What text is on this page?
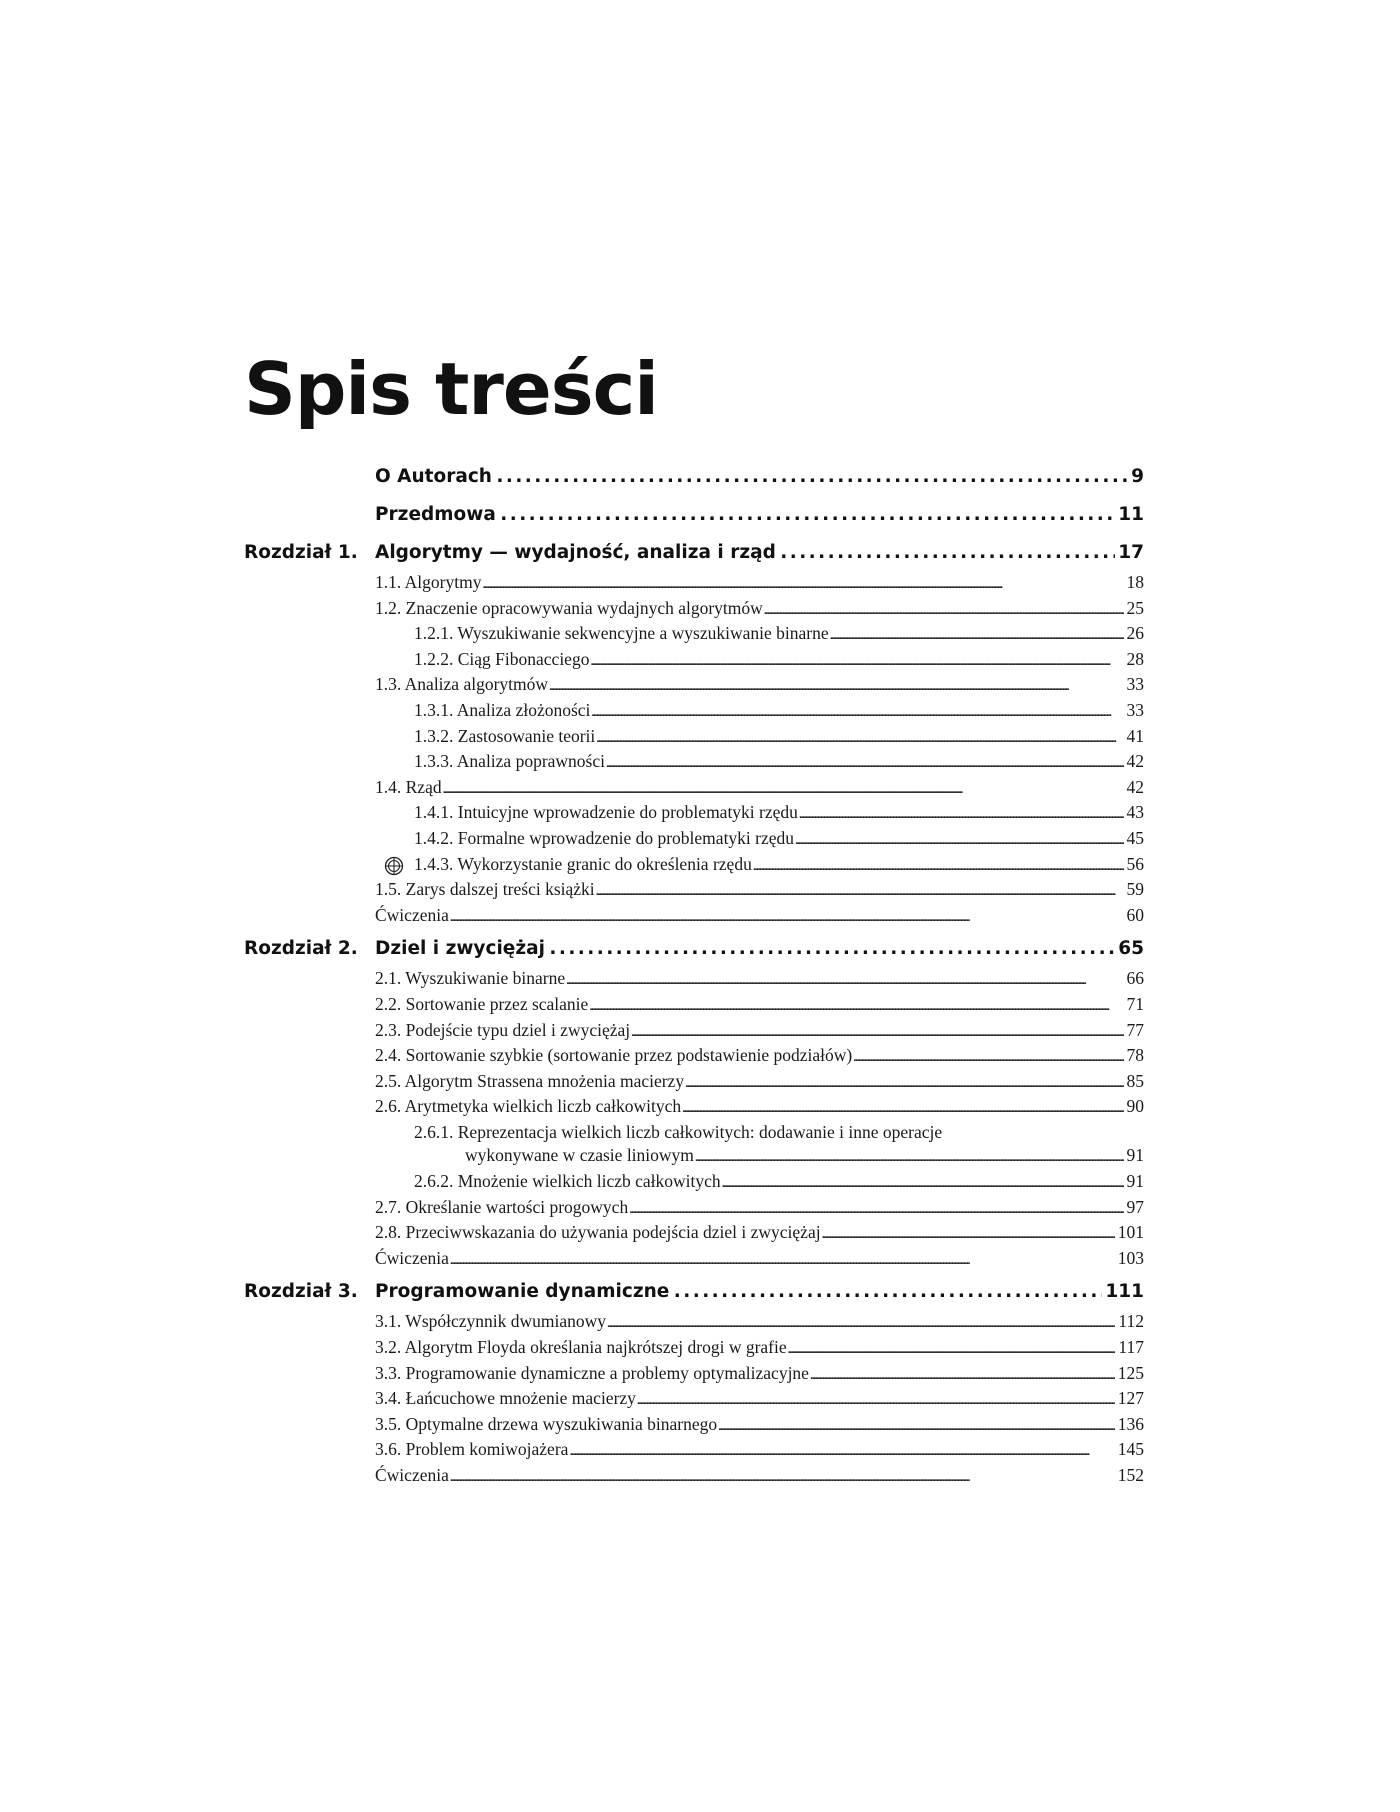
Spis treści
O Autorach . . .	9
Przedmowa . . .	11
Rozdział 1. Algorytmy — wydajność, analiza i rząd . . .	17
1.1. Algorytmy . . .	18
1.2. Znaczenie opracowywania wydajnych algorytmów . . .	25
1.2.1. Wyszukiwanie sekwencyjne a wyszukiwanie binarne . . .	26
1.2.2. Ciąg Fibonacciego . . .	28
1.3. Analiza algorytmów . . .	33
1.3.1. Analiza złożoności . . .	33
1.3.2. Zastosowanie teorii . . .	41
1.3.3. Analiza poprawności . . .	42
1.4. Rząd . . .	42
1.4.1. Intuicyjne wprowadzenie do problematyki rzędu . . .	43
1.4.2. Formalne wprowadzenie do problematyki rzędu . . .	45
1.4.3. Wykorzystanie granic do określenia rzędu . . .	56
1.5. Zarys dalszej treści książki . . .	59
Ćwiczenia . . .	60
Rozdział 2. Dziel i zwyciężaj . . .	65
2.1. Wyszukiwanie binarne . . .	66
2.2. Sortowanie przez scalanie . . .	71
2.3. Podejście typu dziel i zwyciężaj . . .	77
2.4. Sortowanie szybkie (sortowanie przez podstawienie podziałów) . . .	78
2.5. Algorytm Strassena mnożenia macierzy . . .	85
2.6. Arytmetyka wielkich liczb całkowitych . . .	90
2.6.1. Reprezentacja wielkich liczb całkowitych: dodawanie i inne operacje
wykonywane w czasie liniowym . . .	91
2.6.2. Mnożenie wielkich liczb całkowitych . . .	91
2.7. Określanie wartości progowych . . .	97
2.8. Przeciwwskazania do używania podejścia dziel i zwyciężaj . . .	101
Ćwiczenia . . .	103
Rozdział 3. Programowanie dynamiczne . . .	111
3.1. Współczynnik dwumianowy . . .	112
3.2. Algorytm Floyda określania najkrótszej drogi w grafie . . .	117
3.3. Programowanie dynamiczne a problemy optymalizacyjne . . .	125
3.4. Łańcuchowe mnożenie macierzy . . .	127
3.5. Optymalne drzewa wyszukiwania binarnego . . .	136
3.6. Problem komiwojażera . . .	145
Ćwiczenia . . .	152
